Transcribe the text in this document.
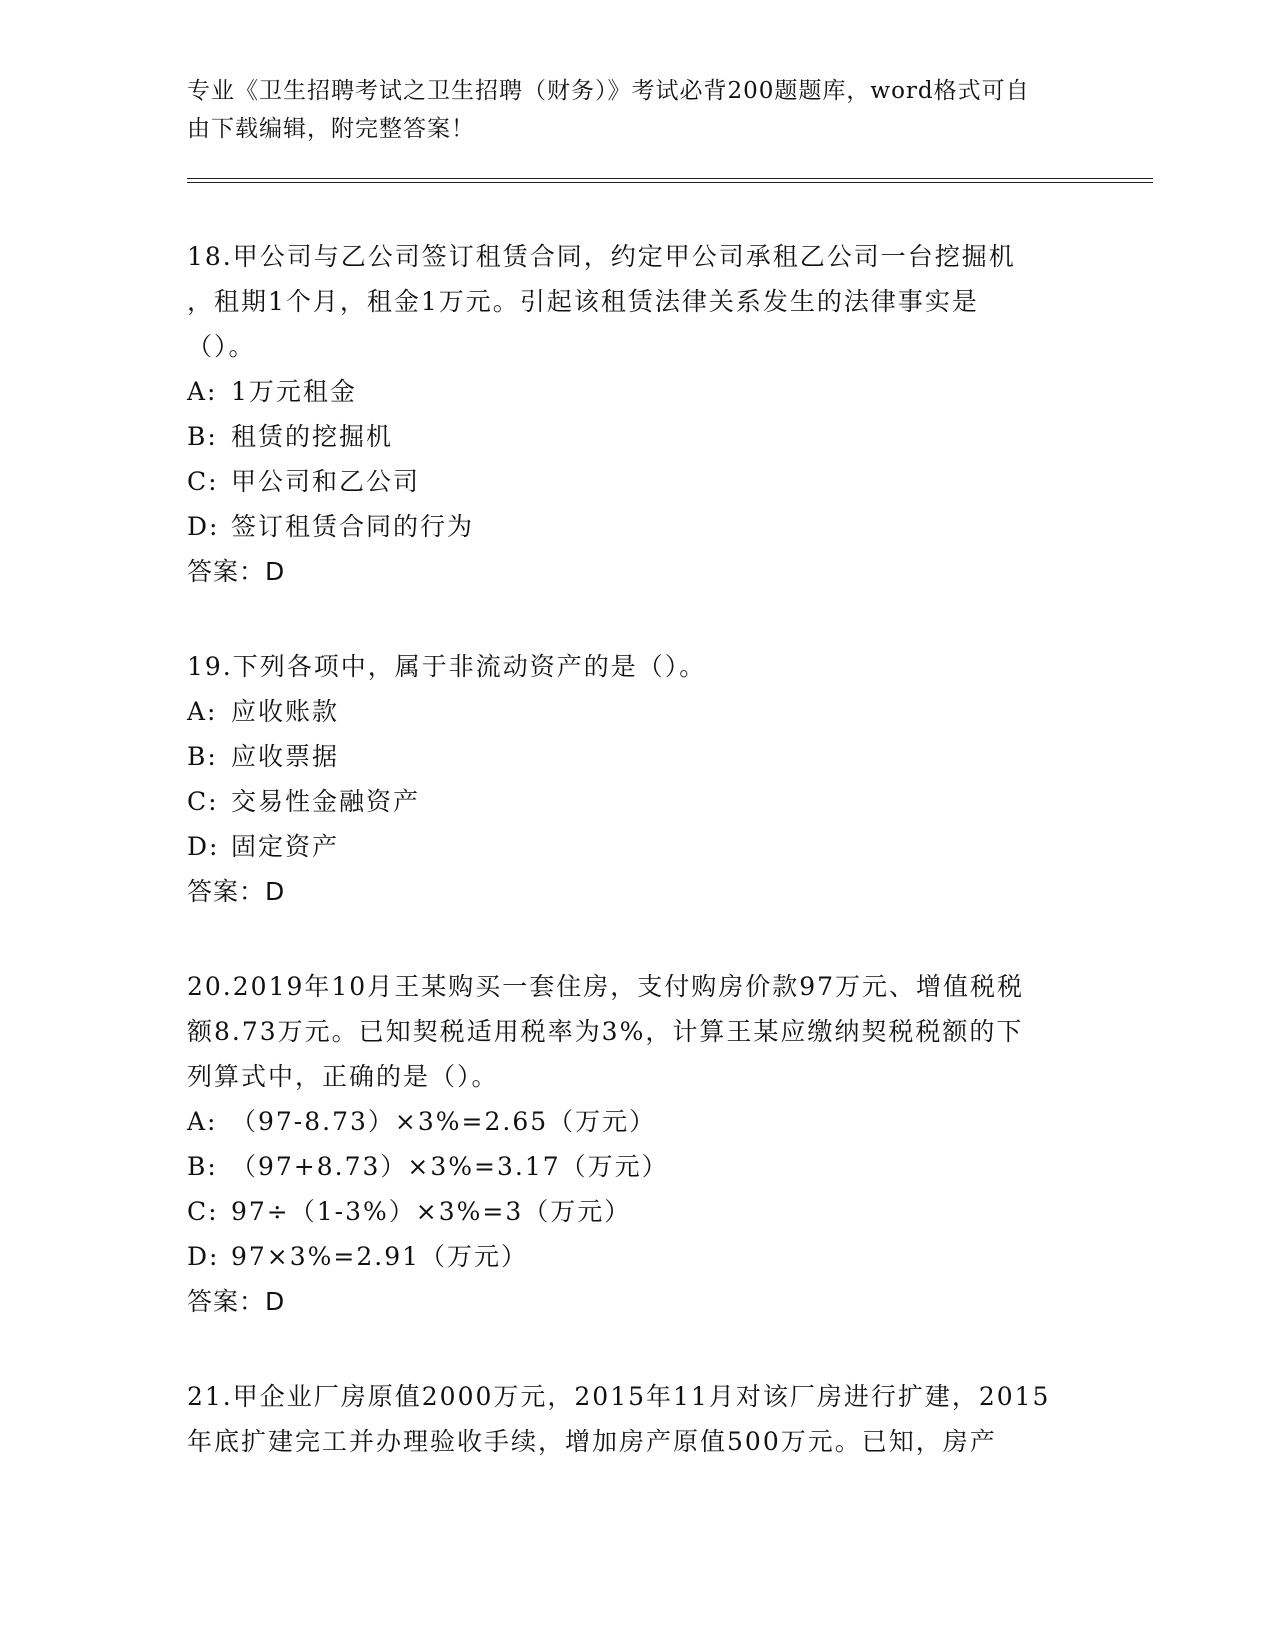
专业《卫生招聘考试之卫生招聘（财务）》考试必背200题题库，word格式可自
由下载编辑，附完整答案！

18.甲公司与乙公司签订租赁合同，约定甲公司承租乙公司一台挖掘机

，租期1个月，租金1万元。引起该租赁法律关系发生的法律事实是

（）。

A: 1万元租金

B: 租赁的挖掘机

C: 甲公司和乙公司

D: 签订租赁合同的行为

答案：D

19.下列各项中，属于非流动资产的是（）。

A: 应收账款

B: 应收票据

C: 交易性金融资产

D: 固定资产

答案：D

20.2019年10月王某购买一套住房，支付购房价款97万元、增值税税

额8.73万元。已知契税适用税率为3%，计算王某应缴纳契税税额的下

列算式中，正确的是（）。

A: （97-8.73）×3%=2.65（万元）

B: （97+8.73）×3%=3.17（万元）

C: 97÷（1-3%）×3%=3（万元）

D: 97×3%=2.91（万元）

答案：D

21.甲企业厂房原值2000万元，2015年11月对该厂房进行扩建，2015

年底扩建完工并办理验收手续，增加房产原值500万元。已知，房产
